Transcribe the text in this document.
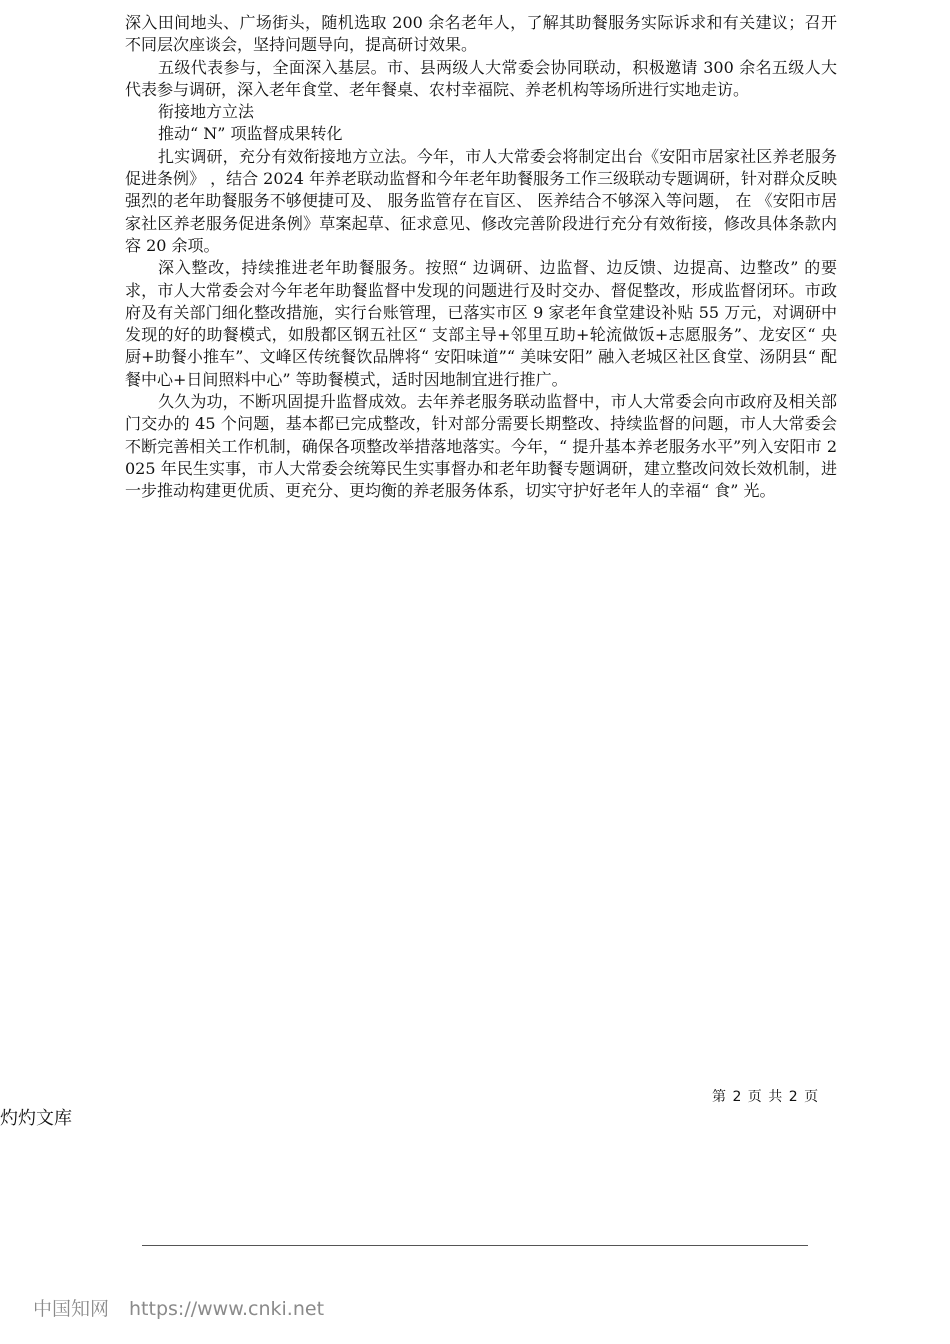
深入田间地头、广场街头，随机选取 200 余名老年人，了解其助餐服务实际诉求和有关建议；召开不同层次座谈会，坚持问题导向，提高研讨效果。

五级代表参与，全面深入基层。市、县两级人大常委会协同联动，积极邀请 300 余名五级人大代表参与调研，深入老年食堂、老年餐桌、农村幸福院、养老机构等场所进行实地走访。

衔接地方立法

推动“ N” 项监督成果转化

扎实调研，充分有效衔接地方立法。今年，市人大常委会将制定出台《安阳市居家社区养老服务促进条例》 ，结合 2024 年养老联动监督和今年老年助餐服务工作三级联动专题调研，针对群众反映强烈的老年助餐服务不够便捷可及、 服务监管存在盲区、 医养结合不够深入等问题， 在 《安阳市居家社区养老服务促进条例》草案起草、征求意见、修改完善阶段进行充分有效衔接，修改具体条款内容 20 余项。

深入整改，持续推进老年助餐服务。按照“ 边调研、边监督、边反馈、边提高、边整改” 的要求，市人大常委会对今年老年助餐监督中发现的问题进行及时交办、督促整改，形成监督闭环。市政府及有关部门细化整改措施，实行台账管理，已落实市区 9 家老年食堂建设补贴 55 万元，对调研中发现的好的助餐模式，如殷都区钢五社区“ 支部主导+邻里互助+轮流做饭+志愿服务”、龙安区“ 央厨+助餐小推车”、文峰区传统餐饮品牌将“ 安阳味道”“ 美味安阳” 融入老城区社区食堂、汤阴县“ 配餐中心+日间照料中心” 等助餐模式，适时因地制宜进行推广。

久久为功，不断巩固提升监督成效。去年养老服务联动监督中，市人大常委会向市政府及相关部门交办的 45 个问题，基本都已完成整改，针对部分需要长期整改、持续监督的问题，市人大常委会不断完善相关工作机制，确保各项整改举措落地落实。今年，“ 提升基本养老服务水平”列入安阳市 2025 年民生实事，市人大常委会统筹民生实事督办和老年助餐专题调研，建立整改问效长效机制，进一步推动构建更优质、更充分、更均衡的养老服务体系，切实守护好老年人的幸福“ 食” 光。

第 2 页 共 2 页
灼灼文库
中国知网 https://www.cnki.net
